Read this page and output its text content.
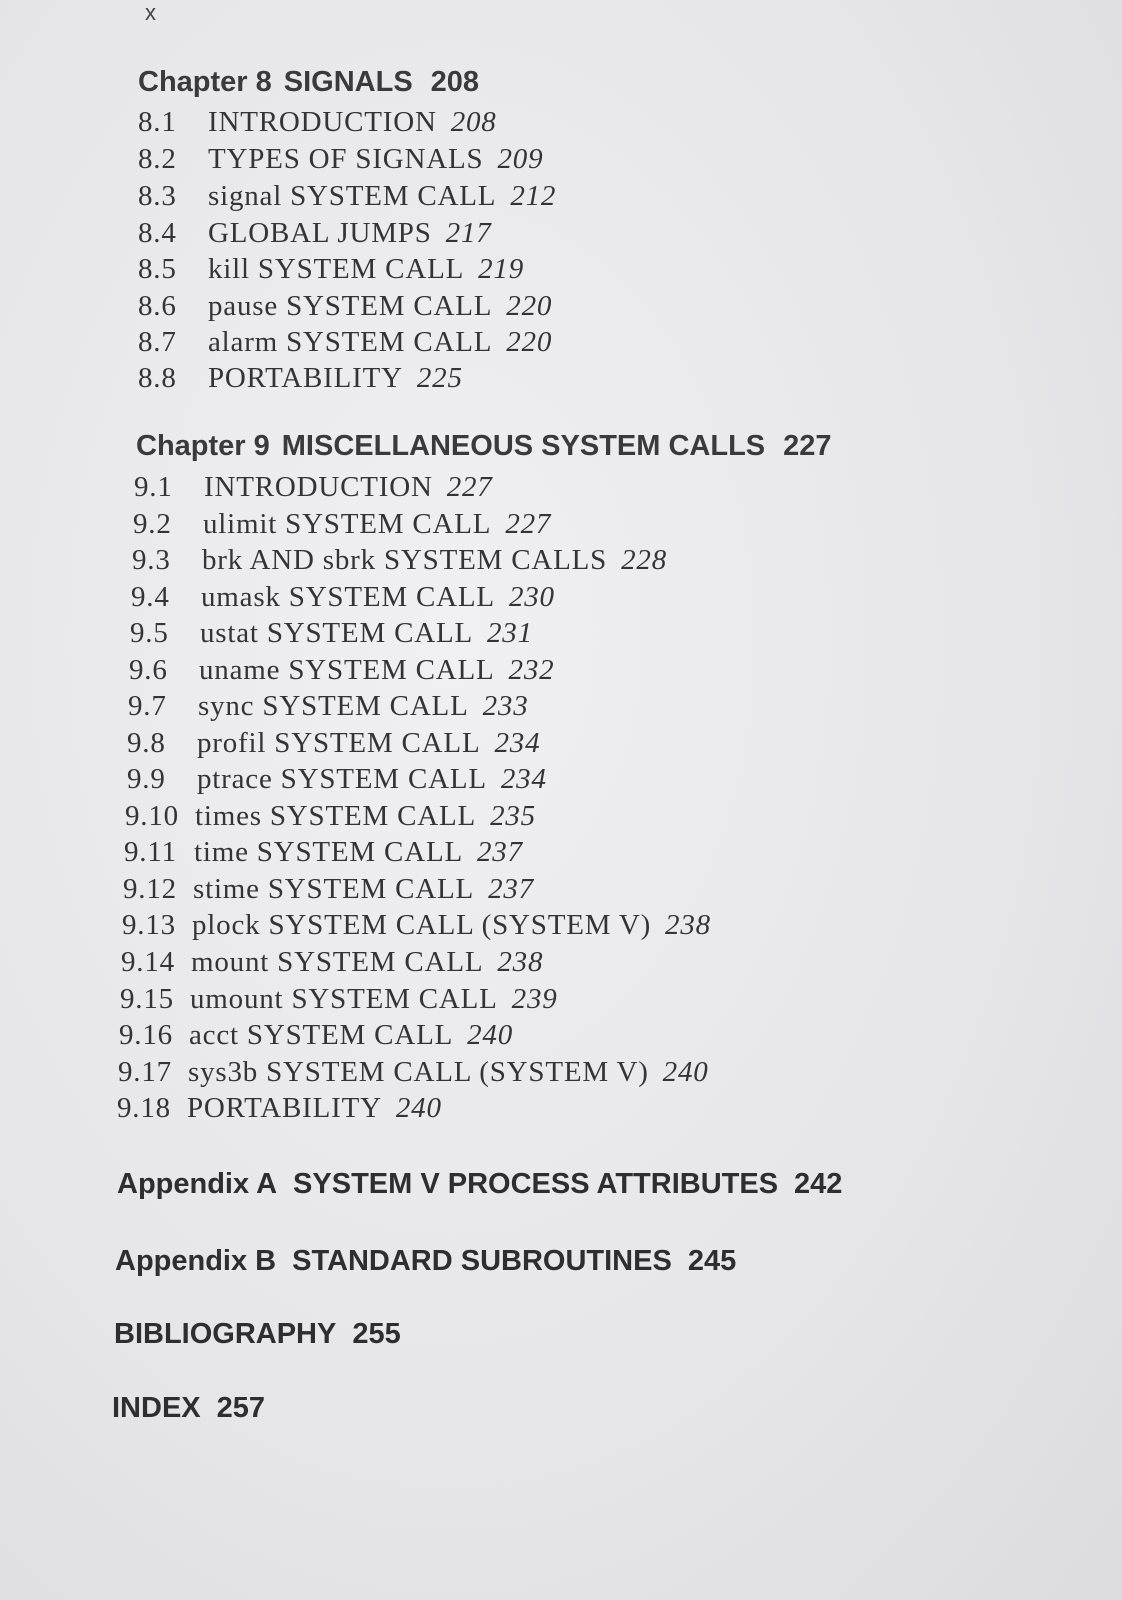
x
Chapter 8 SIGNALS 208
8.1 INTRODUCTION 208
8.2 TYPES OF SIGNALS 209
8.3 signal SYSTEM CALL 212
8.4 GLOBAL JUMPS 217
8.5 kill SYSTEM CALL 219
8.6 pause SYSTEM CALL 220
8.7 alarm SYSTEM CALL 220
8.8 PORTABILITY 225
Chapter 9 MISCELLANEOUS SYSTEM CALLS 227
9.1 INTRODUCTION 227
9.2 ulimit SYSTEM CALL 227
9.3 brk AND sbrk SYSTEM CALLS 228
9.4 umask SYSTEM CALL 230
9.5 ustat SYSTEM CALL 231
9.6 uname SYSTEM CALL 232
9.7 sync SYSTEM CALL 233
9.8 profil SYSTEM CALL 234
9.9 ptrace SYSTEM CALL 234
9.10 times SYSTEM CALL 235
9.11 time SYSTEM CALL 237
9.12 stime SYSTEM CALL 237
9.13 plock SYSTEM CALL (SYSTEM V) 238
9.14 mount SYSTEM CALL 238
9.15 umount SYSTEM CALL 239
9.16 acct SYSTEM CALL 240
9.17 sys3b SYSTEM CALL (SYSTEM V) 240
9.18 PORTABILITY 240
Appendix A SYSTEM V PROCESS ATTRIBUTES 242
Appendix B STANDARD SUBROUTINES 245
BIBLIOGRAPHY 255
INDEX 257
